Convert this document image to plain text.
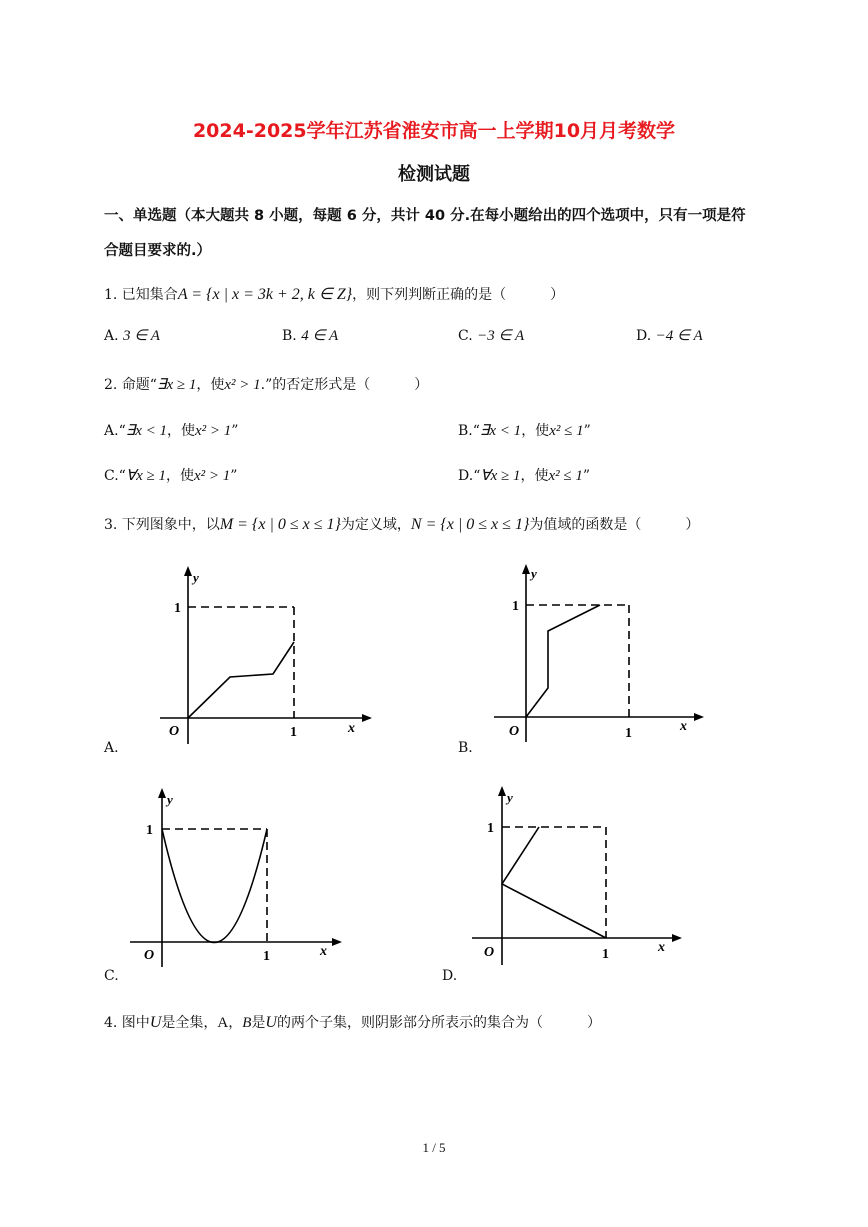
2024-2025学年江苏省淮安市高一上学期10月月考数学
检测试题
一、单选题（本大题共 8 小题，每题 6 分，共计 40 分.在每小题给出的四个选项中，只有一项是符
合题目要求的.）
1. 已知集合A = {x | x = 3k + 2, k ∈ Z}，则下列判断正确的是（	）
A. 3 ∈ A	B. 4 ∈ A	C. −3 ∈ A	D. −4 ∈ A
2. 命题“∃x ≥ 1，使x² > 1.”的否定形式是（	）
A.“∃x < 1，使x² > 1”	B.“∃x < 1，使x² ≤ 1”
C.“∀x ≥ 1，使x² > 1”	D.“∀x ≥ 1，使x² ≤ 1”
3. 下列图象中，以M = {x | 0 ≤ x ≤ 1}为定义域，N = {x | 0 ≤ x ≤ 1}为值域的函数是（	）
y
1
O	1	x
A.
y
1
O	1	x
B.
y
1
O	1	x
C.
y
1
O	1	x
D.
4. 图中U是全集，A，B是U的两个子集，则阴影部分所表示的集合为（	）
1 / 5
